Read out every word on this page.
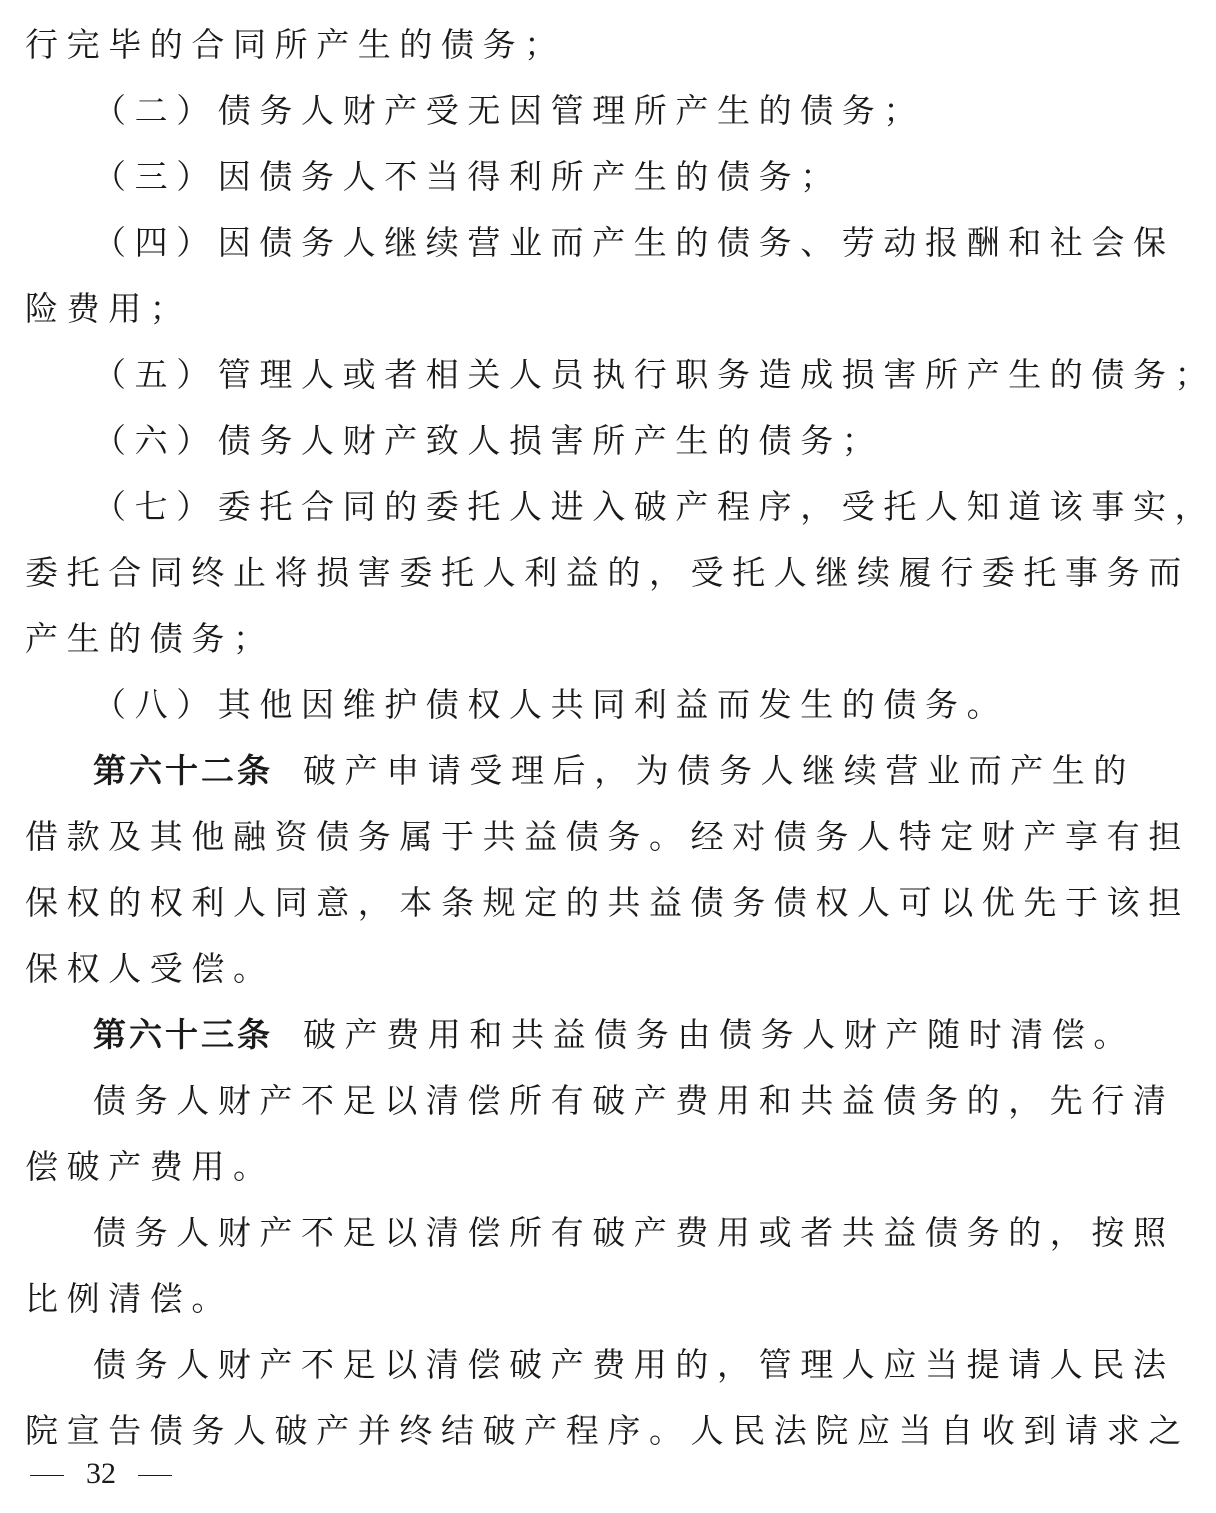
行完毕的合同所产生的债务；
（二）债务人财产受无因管理所产生的债务；
（三）因债务人不当得利所产生的债务；
（四）因债务人继续营业而产生的债务、劳动报酬和社会保
险费用；
（五）管理人或者相关人员执行职务造成损害所产生的债务；
（六）债务人财产致人损害所产生的债务；
（七）委托合同的委托人进入破产程序，受托人知道该事实，
委托合同终止将损害委托人利益的，受托人继续履行委托事务而
产生的债务；
（八）其他因维护债权人共同利益而发生的债务。
第六十二条 破产申请受理后，为债务人继续营业而产生的
借款及其他融资债务属于共益债务。经对债务人特定财产享有担
保权的权利人同意，本条规定的共益债务债权人可以优先于该担
保权人受偿。
第六十三条 破产费用和共益债务由债务人财产随时清偿。
债务人财产不足以清偿所有破产费用和共益债务的，先行清
偿破产费用。
债务人财产不足以清偿所有破产费用或者共益债务的，按照
比例清偿。
债务人财产不足以清偿破产费用的，管理人应当提请人民法
院宣告债务人破产并终结破产程序。人民法院应当自收到请求之
32
